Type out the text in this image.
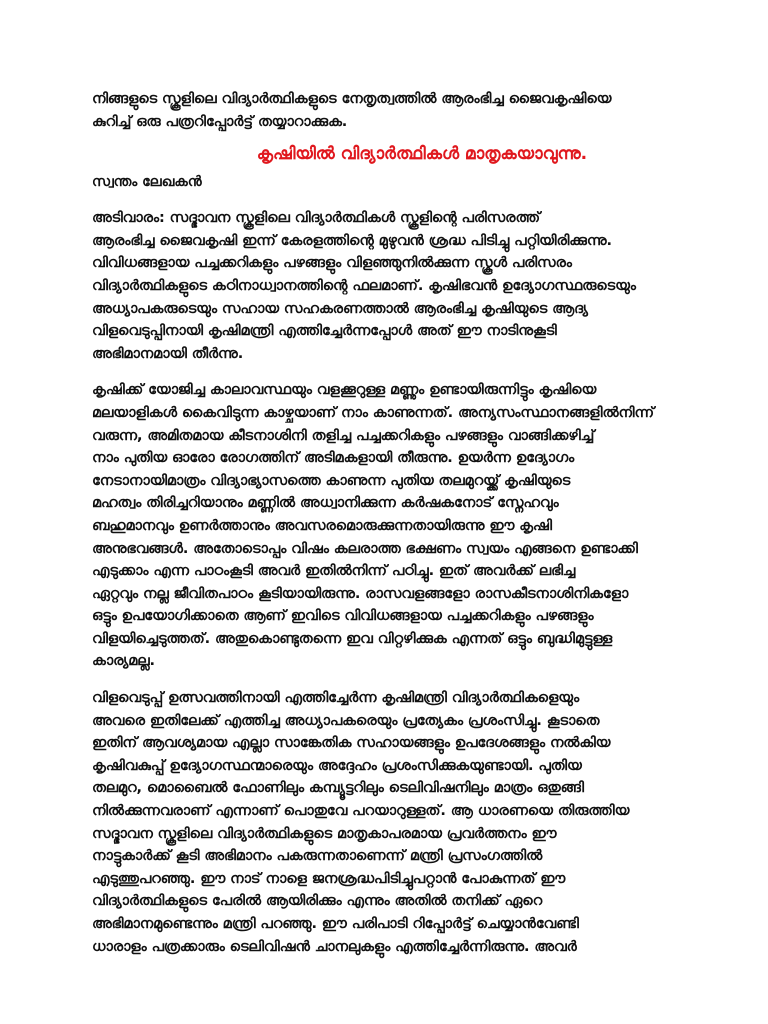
നിങ്ങളുടെ സ്കൂളിലെ വിദ്യാർത്ഥികളുടെ നേതൃത്വത്തിൽ ആരംഭിച്ച ജൈവകൃഷിയെ
കുറിച്ച് ഒരു പത്രറിപ്പോർട്ട് തയ്യാറാക്കുക.
കൃഷിയിൽ വിദ്യാർത്ഥികൾ മാതൃകയാവുന്നു.
സ്വന്തം ലേഖകൻ
അടിവാരം: സദ്ഭാവന സ്കൂളിലെ വിദ്യാർത്ഥികൾ സ്കൂളിന്റെ പരിസരത്ത്
ആരംഭിച്ച ജൈവകൃഷി ഇന്ന് കേരളത്തിന്റെ മുഴുവൻ ശ്രദ്ധ പിടിച്ചു പറ്റിയിരിക്കുന്നു.
വിവിധങ്ങളായ പച്ചക്കറികളും പഴങ്ങളും വിളഞ്ഞുനിൽക്കുന്ന സ്കൂൾ പരിസരം
വിദ്യാർത്ഥികളുടെ കഠിനാധ്വാനത്തിന്റെ ഫലമാണ്. കൃഷിഭവൻ ഉദ്യോഗസ്ഥരുടെയും
അധ്യാപകരുടെയും സഹായ സഹകരണത്താൽ ആരംഭിച്ച കൃഷിയുടെ ആദ്യ
വിളവെടുപ്പിനായി കൃഷിമന്ത്രി എത്തിച്ചേർന്നപ്പോൾ അത് ഈ നാടിനുകൂടി
അഭിമാനമായി തീർന്നു.
കൃഷിക്ക് യോജിച്ച കാലാവസ്ഥയും വളക്കൂറുള്ള മണ്ണും ഉണ്ടായിരുന്നിട്ടും കൃഷിയെ
മലയാളികൾ കൈവിടുന്ന കാഴ്ചയാണ് നാം കാണുന്നത്. അന്യസംസ്ഥാനങ്ങളിൽനിന്ന്
വരുന്ന, അമിതമായ കീടനാശിനി തളിച്ച പച്ചക്കറികളും പഴങ്ങളും വാങ്ങിക്കഴിച്ച്
നാം പുതിയ ഓരോ രോഗത്തിന് അടിമകളായി തീരുന്നു. ഉയർന്ന ഉദ്യോഗം
നേടാനായിമാത്രം വിദ്യാഭ്യാസത്തെ കാണുന്ന പുതിയ തലമുറയ്ക്ക് കൃഷിയുടെ
മഹത്വം തിരിച്ചറിയാനും മണ്ണിൽ അധ്വാനിക്കുന്ന കർഷകനോട് സ്നേഹവും
ബഹുമാനവും ഉണർത്താനും അവസരമൊരുക്കുന്നതായിരുന്നു ഈ കൃഷി
അനുഭവങ്ങൾ. അതോടൊപ്പം വിഷം കലരാത്ത ഭക്ഷണം സ്വയം എങ്ങനെ ഉണ്ടാക്കി
എടുക്കാം എന്ന പാഠംകൂടി അവർ ഇതിൽനിന്ന് പഠിച്ചു. ഇത് അവർക്ക് ലഭിച്ച
ഏറ്റവും നല്ല ജീവിതപാഠം കൂടിയായിരുന്നു. രാസവളങ്ങളോ രാസകീടനാശിനികളോ
ഒട്ടും ഉപയോഗിക്കാതെ ആണ് ഇവിടെ വിവിധങ്ങളായ പച്ചക്കറികളും പഴങ്ങളും
വിളയിച്ചെടുത്തത്. അതുകൊണ്ടുതന്നെ ഇവ വിറ്റഴിക്കുക എന്നത് ഒട്ടും ബുദ്ധിമുട്ടുള്ള
കാര്യമല്ല.
വിളവെടുപ്പ് ഉത്സവത്തിനായി എത്തിച്ചേർന്ന കൃഷിമന്ത്രി വിദ്യാർത്ഥികളെയും
അവരെ ഇതിലേക്ക് എത്തിച്ച അധ്യാപകരെയും പ്രത്യേകം പ്രശംസിച്ചു. കൂടാതെ
ഇതിന് ആവശ്യമായ എല്ലാ സാങ്കേതിക സഹായങ്ങളും ഉപദേശങ്ങളും നൽകിയ
കൃഷിവകുപ്പ് ഉദ്യോഗസ്ഥന്മാരെയും അദ്ദേഹം പ്രശംസിക്കുകയുണ്ടായി. പുതിയ
തലമുറ, മൊബൈൽ ഫോണിലും കമ്പ്യൂട്ടറിലും ടെലിവിഷനിലും മാത്രം ഒതുങ്ങി
നിൽക്കുന്നവരാണ് എന്നാണ് പൊതുവേ പറയാറുള്ളത്. ആ ധാരണയെ തിരുത്തിയ
സദ്ഭാവന സ്കൂളിലെ വിദ്യാർത്ഥികളുടെ മാതൃകാപരമായ പ്രവർത്തനം ഈ
നാട്ടുകാർക്ക് കൂടി അഭിമാനം പകരുന്നതാണെന്ന് മന്ത്രി പ്രസംഗത്തിൽ
എടുത്തുപറഞ്ഞു. ഈ നാട് നാളെ ജനശ്രദ്ധപിടിച്ചുപറ്റാൻ പോകുന്നത് ഈ
വിദ്യാർത്ഥികളുടെ പേരിൽ ആയിരിക്കും എന്നും അതിൽ തനിക്ക് ഏറെ
അഭിമാനമുണ്ടെന്നും മന്ത്രി പറഞ്ഞു. ഈ പരിപാടി റിപ്പോർട്ട് ചെയ്യാൻവേണ്ടി
ധാരാളം പത്രക്കാരും ടെലിവിഷൻ ചാനലുകളും എത്തിച്ചേർന്നിരുന്നു. അവർ
